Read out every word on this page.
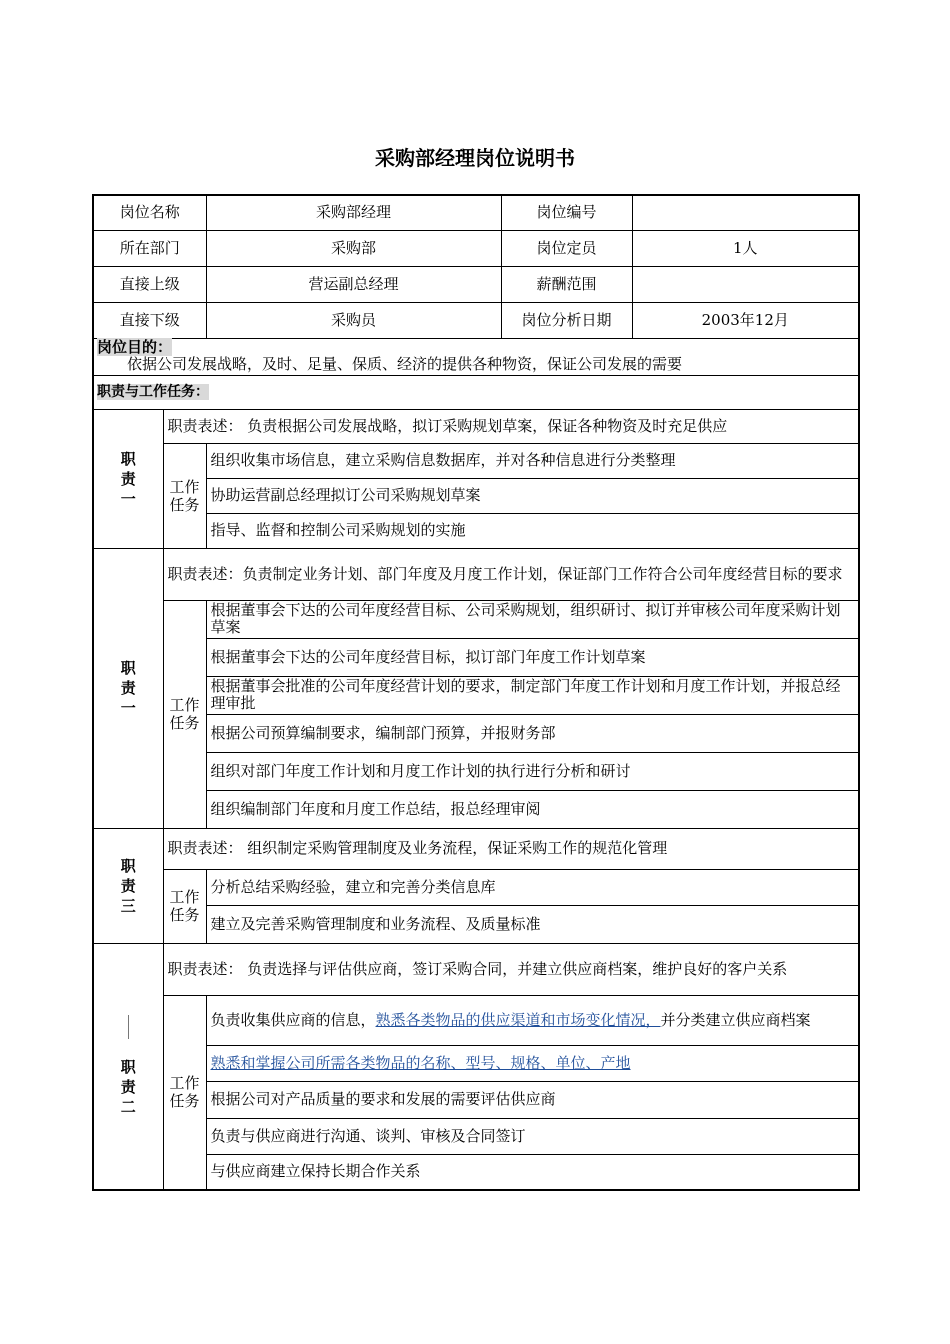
采购部经理岗位说明书
岗位名称		采购部经理	岗位编号	
所在部门		采购部	岗位定员	1人
直接上级		营运副总经理	薪酬范围	
直接下级		采购员	岗位分析日期	2003年12月
岗位目的：

依据公司发展战略，及时、足量、保质、经济的提供各种物资，保证公司发展的需要				

职责与工作任务：				

职责一	职责表述： 负责根据公司发展战略，拟订采购规划草案，保证各种物资及时充足供应			

	工作任务	组织收集市场信息，建立采购信息数据库，并对各种信息进行分类整理		
		协助运营副总经理拟订公司采购规划草案		
		指导、监督和控制公司采购规划的实施		

职责一	职责表述：负责制定业务计划、部门年度及月度工作计划，保证部门工作符合公司年度经营目标的要求			

	工作任务	根据董事会下达的公司年度经营目标、公司采购规划，组织研讨、拟订并审核公司年度采购计划草案		
		根据董事会下达的公司年度经营目标，拟订部门年度工作计划草案		
		根据董事会批准的公司年度经营计划的要求，制定部门年度工作计划和月度工作计划，并报总经理审批		
		根据公司预算编制要求，编制部门预算，并报财务部		
		组织对部门年度工作计划和月度工作计划的执行进行分析和研讨		
		组织编制部门年度和月度工作总结，报总经理审阅		

职责三	职责表述： 组织制定采购管理制度及业务流程，保证采购工作的规范化管理			

	工作任务	分析总结采购经验，建立和完善分类信息库		
		建立及完善采购管理制度和业务流程、及质量标准		

职责二	职责表述： 负责选择与评估供应商，签订采购合同，并建立供应商档案，维护良好的客户关系			

	工作任务	负责收集供应商的信息，熟悉各类物品的供应渠道和市场变化情况，并分类建立供应商档案		
		熟悉和掌握公司所需各类物品的名称、型号、规格、单位、产地		
		根据公司对产品质量的要求和发展的需要评估供应商		
		负责与供应商进行沟通、谈判、审核及合同签订		
		与供应商建立保持长期合作关系		
